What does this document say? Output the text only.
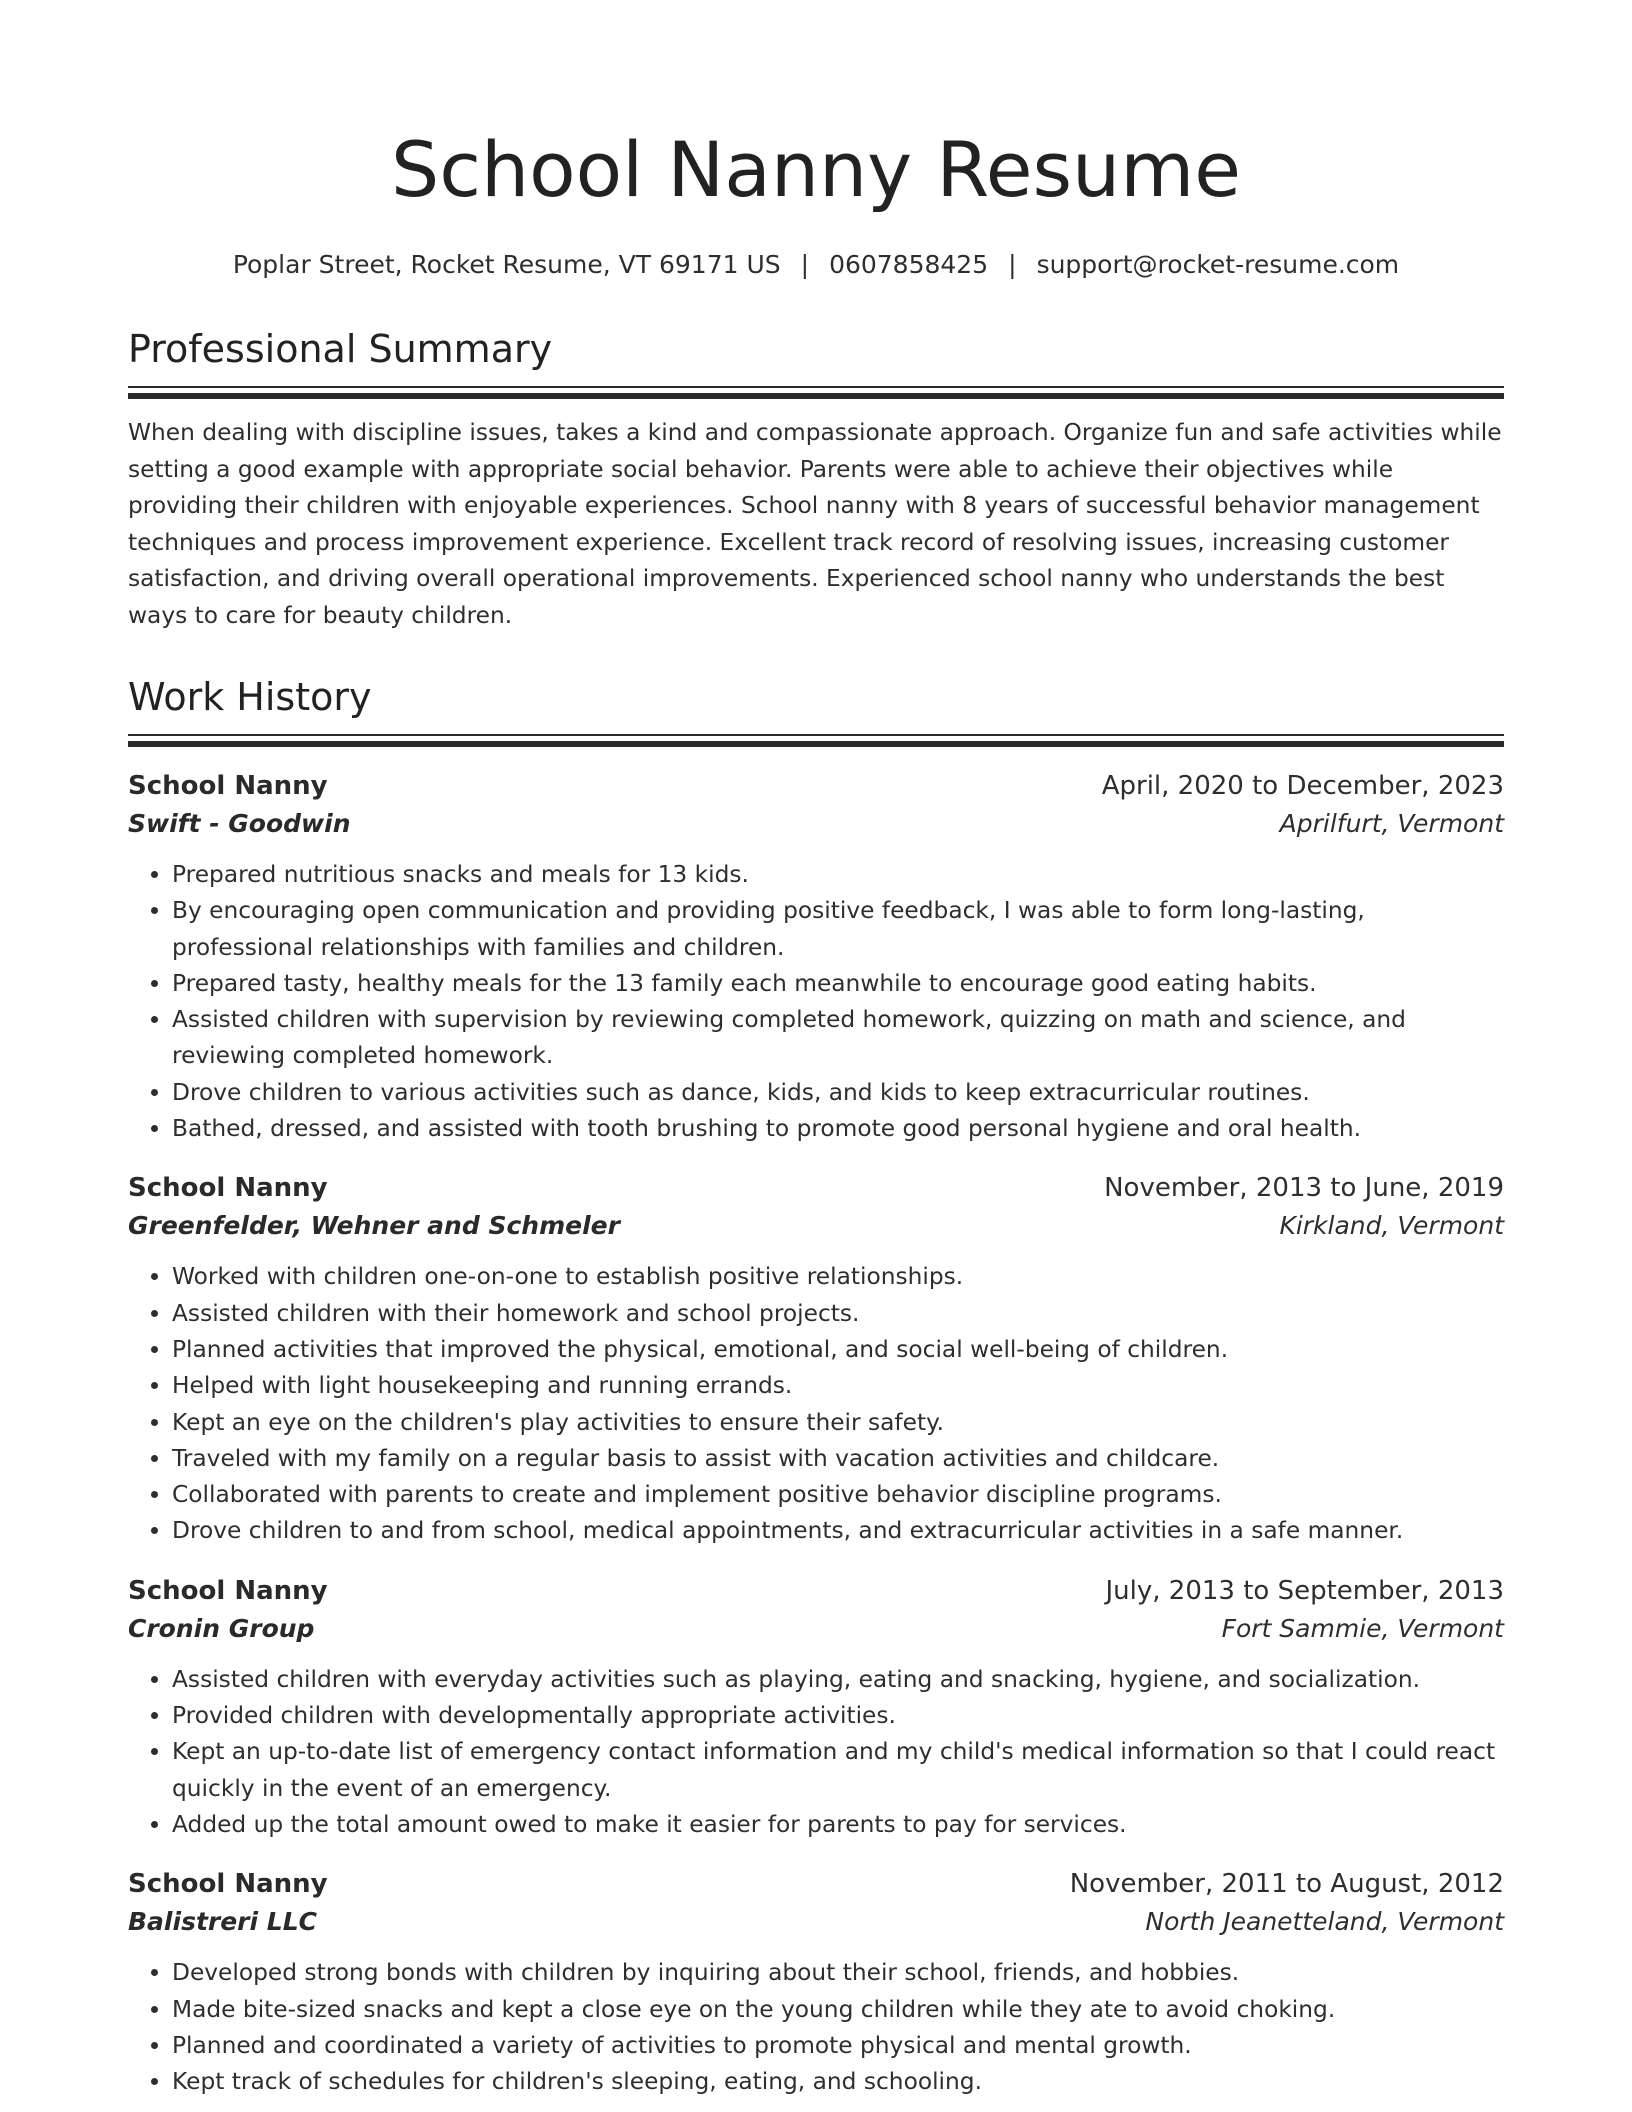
School Nanny Resume
Poplar Street, Rocket Resume, VT 69171 US | 0607858425 | support@rocket-resume.com
Professional Summary

When dealing with discipline issues, takes a kind and compassionate approach. Organize fun and safe activities while setting a good example with appropriate social behavior. Parents were able to achieve their objectives while providing their children with enjoyable experiences. School nanny with 8 years of successful behavior management techniques and process improvement experience. Excellent track record of resolving issues, increasing customer satisfaction, and driving overall operational improvements. Experienced school nanny who understands the best ways to care for beauty children.

Work History
School Nanny	April, 2020 to December, 2023
Swift - Goodwin	Aprilfurt, Vermont
• Prepared nutritious snacks and meals for 13 kids.
• By encouraging open communication and providing positive feedback, I was able to form long-lasting, professional relationships with families and children.
• Prepared tasty, healthy meals for the 13 family each meanwhile to encourage good eating habits.
• Assisted children with supervision by reviewing completed homework, quizzing on math and science, and reviewing completed homework.
• Drove children to various activities such as dance, kids, and kids to keep extracurricular routines.
• Bathed, dressed, and assisted with tooth brushing to promote good personal hygiene and oral health.
School Nanny	November, 2013 to June, 2019
Greenfelder, Wehner and Schmeler	Kirkland, Vermont
• Worked with children one-on-one to establish positive relationships.
• Assisted children with their homework and school projects.
• Planned activities that improved the physical, emotional, and social well-being of children.
• Helped with light housekeeping and running errands.
• Kept an eye on the children's play activities to ensure their safety.
• Traveled with my family on a regular basis to assist with vacation activities and childcare.
• Collaborated with parents to create and implement positive behavior discipline programs.
• Drove children to and from school, medical appointments, and extracurricular activities in a safe manner.
School Nanny	July, 2013 to September, 2013
Cronin Group	Fort Sammie, Vermont
• Assisted children with everyday activities such as playing, eating and snacking, hygiene, and socialization.
• Provided children with developmentally appropriate activities.
• Kept an up-to-date list of emergency contact information and my child's medical information so that I could react quickly in the event of an emergency.
• Added up the total amount owed to make it easier for parents to pay for services.
School Nanny	November, 2011 to August, 2012
Balistreri LLC	North Jeanetteland, Vermont
• Developed strong bonds with children by inquiring about their school, friends, and hobbies.
• Made bite-sized snacks and kept a close eye on the young children while they ate to avoid choking.
• Planned and coordinated a variety of activities to promote physical and mental growth.
• Kept track of schedules for children's sleeping, eating, and schooling.
